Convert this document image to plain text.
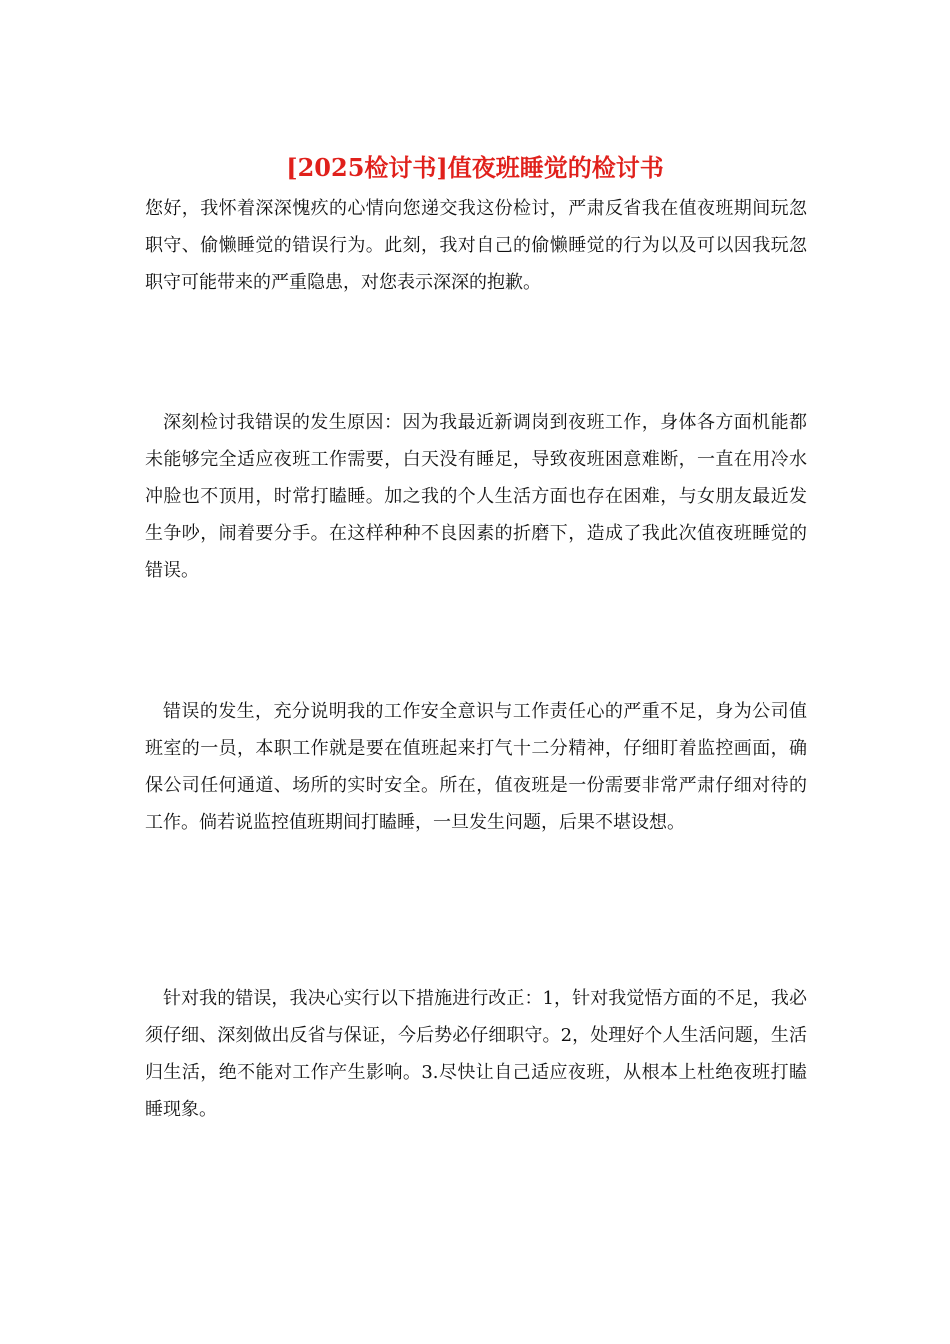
[2025检讨书]值夜班睡觉的检讨书

您好，我怀着深深愧疚的心情向您递交我这份检讨，严肃反省我在值夜班期间玩忽职守、偷懒睡觉的错误行为。此刻，我对自己的偷懒睡觉的行为以及可以因我玩忽职守可能带来的严重隐患，对您表示深深的抱歉。

深刻检讨我错误的发生原因：因为我最近新调岗到夜班工作，身体各方面机能都未能够完全适应夜班工作需要，白天没有睡足，导致夜班困意难断，一直在用冷水冲脸也不顶用，时常打瞌睡。加之我的个人生活方面也存在困难，与女朋友最近发生争吵，闹着要分手。在这样种种不良因素的折磨下，造成了我此次值夜班睡觉的错误。

错误的发生，充分说明我的工作安全意识与工作责任心的严重不足，身为公司值班室的一员，本职工作就是要在值班起来打气十二分精神，仔细盯着监控画面，确保公司任何通道、场所的实时安全。所在，值夜班是一份需要非常严肃仔细对待的工作。倘若说监控值班期间打瞌睡，一旦发生问题，后果不堪设想。

针对我的错误，我决心实行以下措施进行改正：1，针对我觉悟方面的不足，我必须仔细、深刻做出反省与保证，今后势必仔细职守。2，处理好个人生活问题，生活归生活，绝不能对工作产生影响。3.尽快让自己适应夜班，从根本上杜绝夜班打瞌睡现象。
